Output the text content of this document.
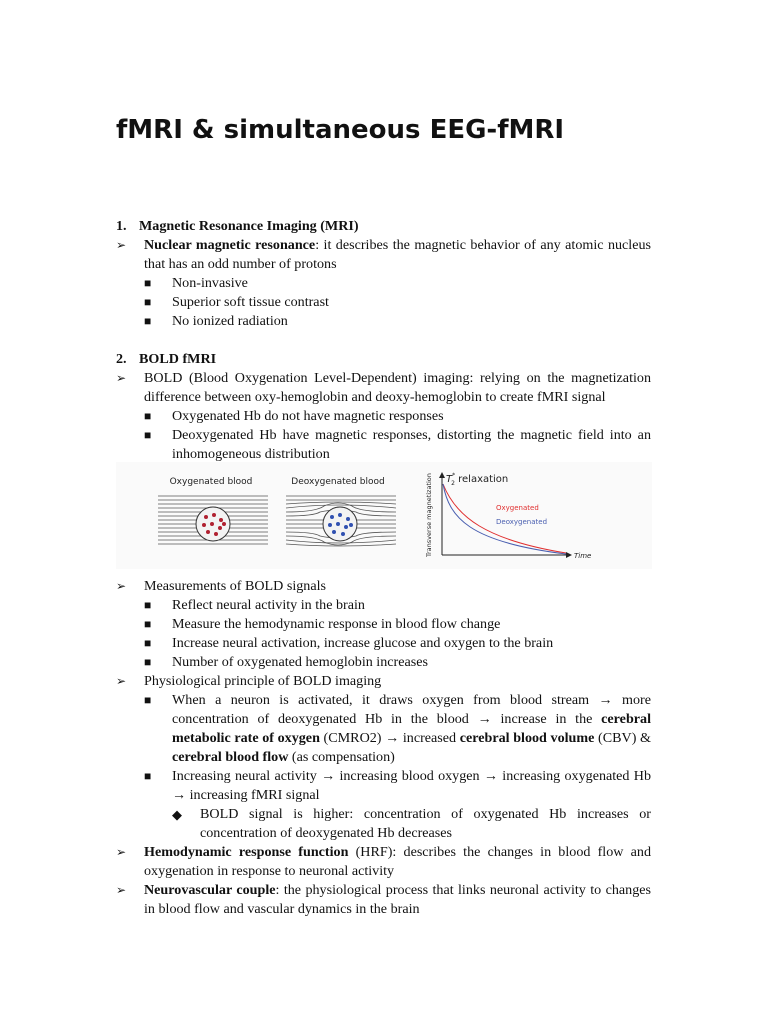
fMRI & simultaneous EEG-fMRI
1. Magnetic Resonance Imaging (MRI)
➢	Nuclear magnetic resonance: it describes the magnetic behavior of any atomic nucleus that has an odd number of protons
■	Non-invasive
■	Superior soft tissue contrast
■	No ionized radiation
2. BOLD fMRI
➢	BOLD (Blood Oxygenation Level-Dependent) imaging: relying on the magnetization difference between oxy-hemoglobin and deoxy-hemoglobin to create fMRI signal
■	Oxygenated Hb do not have magnetic responses
■	Deoxygenated Hb have magnetic responses, distorting the magnetic field into an inhomogeneous distribution
Oxygenated blood	Deoxygenated blood	T* 2 relaxation
Transverse magnetization	Time
Oxygenated
Deoxygenated
➢	Measurements of BOLD signals
■	Reflect neural activity in the brain
■	Measure the hemodynamic response in blood flow change
■	Increase neural activation, increase glucose and oxygen to the brain
■	Number of oxygenated hemoglobin increases
➢	Physiological principle of BOLD imaging
■	When a neuron is activated, it draws oxygen from blood stream → more concentration of deoxygenated Hb in the blood → increase in the cerebral metabolic rate of oxygen (CMRO2) → increased cerebral blood volume (CBV) & cerebral blood flow (as compensation)
■	Increasing neural activity → increasing blood oxygen → increasing oxygenated Hb → increasing fMRI signal
◆	BOLD signal is higher: concentration of oxygenated Hb increases or concentration of deoxygenated Hb decreases
➢	Hemodynamic response function (HRF): describes the changes in blood flow and oxygenation in response to neuronal activity
➢	Neurovascular couple: the physiological process that links neuronal activity to changes in blood flow and vascular dynamics in the brain
